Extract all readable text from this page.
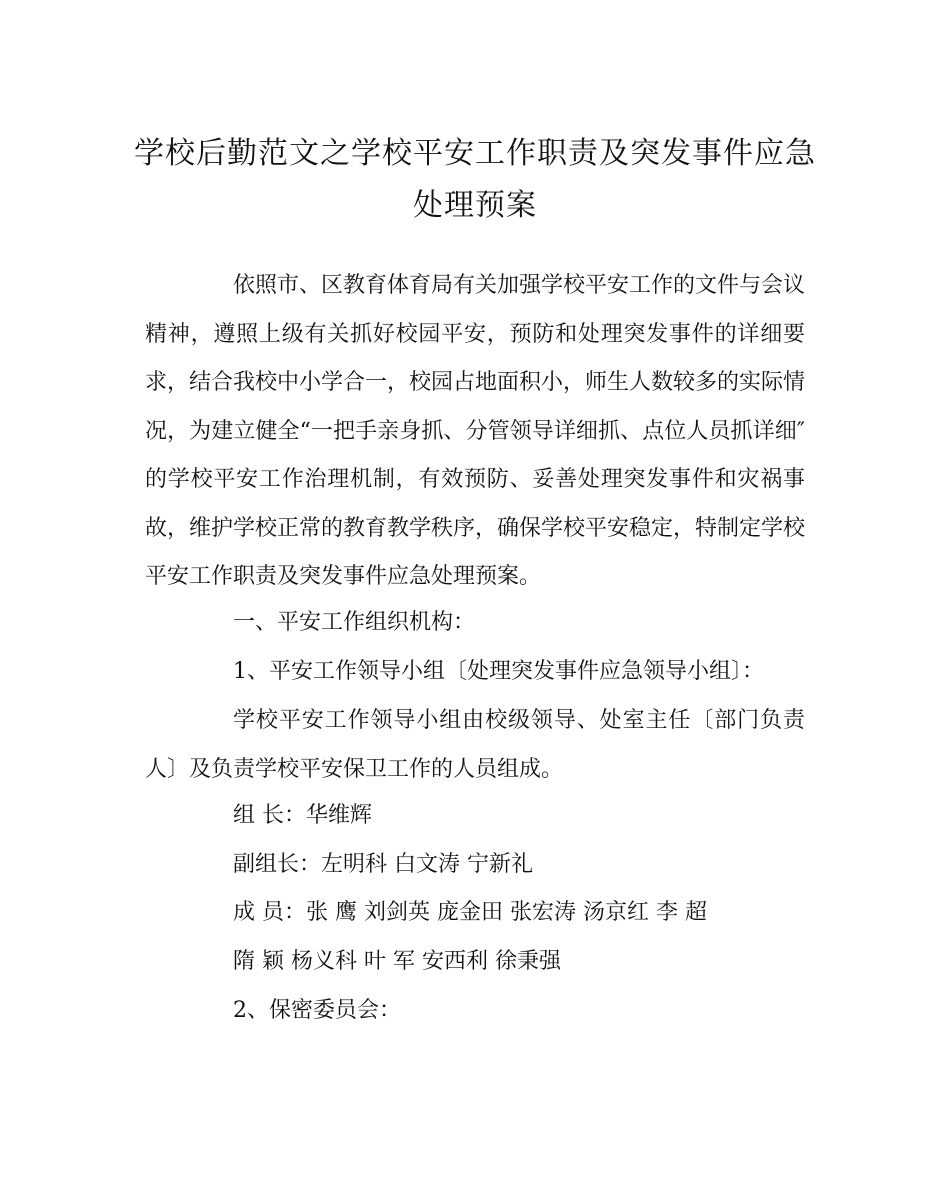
学校后勤范文之学校平安工作职责及突发事件应急处理预案

依照市、区教育体育局有关加强学校平安工作的文件与会议精神，遵照上级有关抓好校园平安，预防和处理突发事件的详细要求，结合我校中小学合一，校园占地面积小，师生人数较多的实际情况，为建立健全“一把手亲身抓、分管领导详细抓、点位人员抓详细″的学校平安工作治理机制，有效预防、妥善处理突发事件和灾祸事故，维护学校正常的教育教学秩序，确保学校平安稳定，特制定学校平安工作职责及突发事件应急处理预案。

一、平安工作组织机构：

1、平安工作领导小组〔处理突发事件应急领导小组〕：

学校平安工作领导小组由校级领导、处室主任〔部门负责人〕及负责学校平安保卫工作的人员组成。

组 长：华维辉

副组长：左明科 白文涛 宁新礼

成 员：张 鹰 刘剑英 庞金田 张宏涛 汤京红 李 超

隋 颖 杨义科 叶 军 安西利 徐秉强

2、保密委员会：
